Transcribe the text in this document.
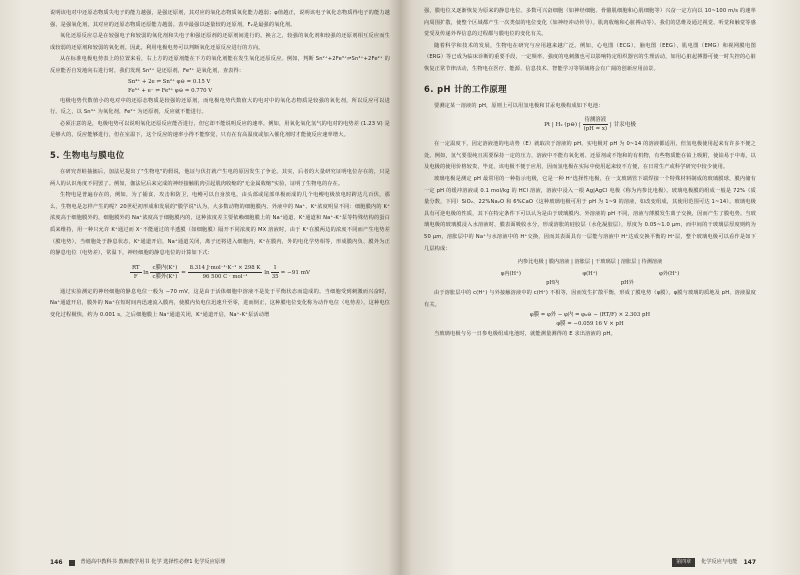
说明该电对中还原态物质失电子的能力越强，是强还原剂，其对应的氧化态物质氧化能力越弱；φ值越正，说明该电子氧化态物质得电子的能力越强，是强氧化剂，其对应的还原态物质还原能力越弱。表中最强以逐量较的还原剂，F₂是最强的氧化剂。

氧化还原反应总是在较强电子和较弱的氧化剂和失电子和强还原剂的还原剂间进行的。换言之，较强的氧化剂和较强的还原剂相互反应而生成较弱的还原剂和较弱的氧化剂。因此，利用电极电势可以判断氧化还原反应进行的方向。

从在标准电极电势表上的位置来看，右上方的还原剂能在下方的氧化剂能在发生氧化还原反应。例如，判断 Sn²⁺+2Fe³⁺⇌Sn⁴⁺+2Fe²⁺ 的反应能否自发地向右进行时，我们发现 Sn²⁺ 是还原剂，Fe³⁺ 是氧化剂，查表得：

Sn⁴⁺ + 2e ⇌ Sn²⁺ φ⊖ = 0.15 V
Fe³⁺ + e⁻ ⇌ Fe²⁺ φ⊖ = 0.770 V

电极电势代数值小的电对中的还原态物质是较强的还原剂，而电极电势代数值大的电对中的氧化态物质是较强的氧化剂，所以反应可以进行。反之，以 Sn⁴⁺ 为氧化剂，Fe²⁺ 为还原剂，反应就不能进行。

必须注意的是，电极电势可以说明氧化还原反应能否进行，但它却不能说明反应的速率。例如，用氧化氧化氢气的电对的电势差 (1.23 V) 是足够大的，反应能够进行，但在室温下，这个反应的速率小得不能察觉，只有在有高温度或加入催化剂时才能使反应速率增大。

5. 生物电与膜电位

在研究青蛙抽搐后，加法尼提出了"生物电"的假说，他证与伏打就产生电的原因发生了争论。其实，后者的大量研究证明电位存在的，只是两人的认识角度不同罢了。例如，伽法尼后来完成的神经接触肌肉引起肌肉收缩的"无金属收缩"实验，证明了生物电的存在。

生物电是普遍存在的，例如，为了捕食、攻击和防卫，电鳗可以自身放电，由头部或尾部单极而成的几个电鳗电极放电时跨达几百伏，那么，生物电是怎样产生的呢？20世纪初形成和发展的"膜学说"认为，大多数动物的细胞膜内、外液中的 Na⁺、K⁺浓度明显不同：细胞膜内的 K⁺浓度高于细胞膜外的，细胞膜外的 Na⁺浓度高于细胞膜内的，这种浓度差主要依赖细胞膜上的 Na⁺通道、K⁺通道和 Na⁺-K⁺泵等特殊结构的蛋白质来维持，用一种只允许 K⁺通过而 X⁻不能通过的半透膜（如细胞膜）隔开不同浓度的 MX 溶液时，由于 K⁺在膜两边的浓度不同而产生电势差（膜电势），当细胞处于静息状态，K⁺通道开启，Na⁺通道关闭，离子还将进入细胞内，K⁺在膜内，外的电化学势相等，形成膜内负、膜外为正的静息电位（电势差），常温下，神经细胞的静息电位的计算如下式：

$\frac{RT}{F}$ $\ln \frac{\text{c膜内(K⁺)}}{\text{c膜外(K⁺)}} = \frac{\text{8.314 J·mol⁻¹·K⁻¹ × 298 K}}{\text{96 500 C · mol⁻¹}}$ $\ln \frac{1}{35} = -91$ mV

通过实验测定的神经细胞的静息电位一般为 −70 mV，这是由于活体细胞中溶液不是处于平衡状态而造成的。当细胞受到刺激而兴奋时，Na⁺通道开启，膜外的 Na⁺在短时间内迅速流入膜内，使膜内负电位迅速升至零，进而倒正，这种膜电位变化称为动作电位（电势差），这种电位变化过程极快，约为 0.001 s，之后细胞膜上 Na⁺通道关闭，K⁺通道开启，Na⁺-K⁺泵活动增

146	普通高中教科书 教师教学用书 化学 选择性必修1 化学反应原理

强，膜电位又逐渐恢复为原来的静息电位。多数可兴奋细胞（如神经细胞、骨骼肌细胞和心肌细胞等）兴奋一定方向以 10~100 m/s 的速率向周围扩散，使整个区域都产生一次类似的电位变化（如神经冲动传导）。肌肉收缩和心脏搏动等）。我们的思维及通过视觉、听觉和触觉等感觉受及传递外界信息的过程都与膜电位的变化有关。

随着科学和技术的发展，生物电在研究与应用越来越广泛。例如，心电图（ECG），脑电图（EEG），肌电图（EMG）和视网膜电图（ERG）等已成为临床诊断的重要手段，一定频率、强度的电刺激也可以影响特定组织器官的生理活动，如用心脏起搏器可使一时失控的心脏恢复正常节律活动，生物电在医疗、能源、信息技术、智能学习等领域将会有广阔的创新应用前景。

6. pH 计的工作原理

要测定某一溶液的 pH，原则上可以用氢电极和甘汞电极构成如下电池：

Pt | H₂ (p⊖) | $\frac{\text{待测溶液}}{(pH = x)}$ | 甘汞电极

在一定温度下，因定溶液池的电动势（E）就取决于溶液的 pH，实电极对 pH 为 0~14 的溶液都适用，但氢电极使用起来有许多不便之处。例如，氢气要很纯且需要保持一定的压力，溶液中不能有氧化剂、还原剂或不饱和的有机物，有些物质能在铂上吸附，使铂易于中毒，以及电极的使用价格较贵，毕竟，该电极不便于应用，因而氢电极在实际中使用起来较不方便，在日常生产或科学研究中较少使用。

玻璃电极是测定 pH 最常用的一种指示电极，它是一种 H⁺选择性电极，在一支玻璃管下端焊接一个特殊材料制成的玻璃膜球，膜内储有一定 pH 的缓冲溶液或 0.1 mol/kg 的 HCl 溶液，溶液中浸入一根 Ag|AgCl 电极（称为内参比电极）。玻璃电极膜的组成一般是 72%（质量分数，下同）SiO₂、22%Na₂O 和 6%CaO（这种玻璃电极可用于 pH 为 1~9 的溶液，如改变组成，其使用范围可达 1~14）。玻璃电极具有可逆电极的性质，其下在特定条件下可以认为是由于玻璃膜内、外溶液的 pH 不同，溶液与薄膜发生离子交换，因而产生了膜电势。当玻璃电极的玻璃膜浸入水溶液时，膜表面吸收水分，形成溶胀的硅胶层（水化凝胶层），厚度为 0.05~1.0 μm，而中间的干玻璃层厚度则约为 50 μm，溶胀层中的 Na⁺与水溶液中的 H⁺交换，因而其表面具有一层能与溶液中 H⁺达成交换平衡的 H⁺层，整个玻璃电极可以看作是如下几层构成：

内参比电极 | 膜内溶液 | 溶胀层 | 干玻璃层 | 溶胀层 | 待测溶液
φ内(H⁺)	φ(H⁺)	φ外(H⁺)
pH内	pH外

由于溶胀层中的 c(H⁺) 与外接触溶液中的 c(H⁺) 不相等，因而发生扩散平衡，形成了膜电势（φ膜），φ膜与玻璃的质地及 pH、溶液温度有关。

φ膜 = φ外 − φ内 = φ₀⊖ − (RT/F) × 2.303 pH
φ膜 = −0.059 16 V × pH

当玻璃电极与另一日参电极组成电池时，就能测量测得的 E 求出溶液的 pH。

第四章	化学反应与电能 147
